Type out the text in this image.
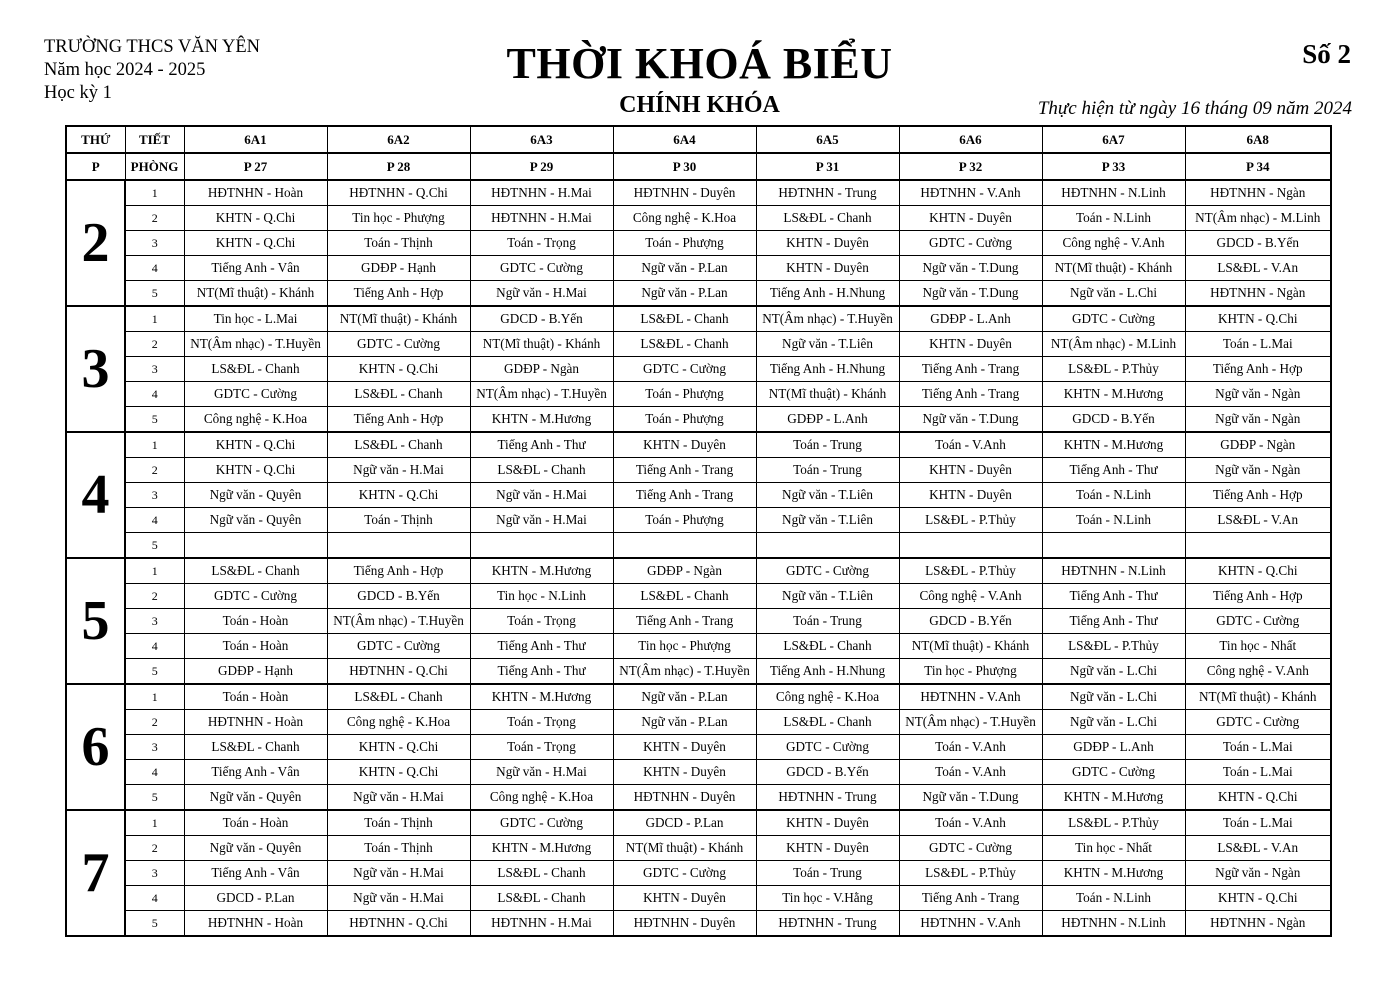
TRƯỜNG THCS VĂN YÊN
Năm học 2024 - 2025
Học kỳ 1
THỜI KHOÁ BIỂU
CHÍNH KHÓA
Số 2
Thực hiện từ ngày 16 tháng 09 năm 2024
THỨ	TIẾT	6A1	6A2	6A3	6A4	6A5	6A6	6A7	6A8
P	PHÒNG	P 27	P 28	P 29	P 30	P 31	P 32	P 33	P 34
2	1	HĐTNHN - Hoàn	HĐTNHN - Q.Chi	HĐTNHN - H.Mai	HĐTNHN - Duyên	HĐTNHN - Trung	HĐTNHN - V.Anh	HĐTNHN - N.Linh	HĐTNHN - Ngàn
	2	KHTN - Q.Chi	Tin học - Phượng	HĐTNHN - H.Mai	Công nghệ - K.Hoa	LS&ĐL - Chanh	KHTN - Duyên	Toán - N.Linh	NT(Âm nhạc) - M.Linh
	3	KHTN - Q.Chi	Toán - Thịnh	Toán - Trọng	Toán - Phượng	KHTN - Duyên	GDTC - Cường	Công nghệ - V.Anh	GDCD - B.Yến
	4	Tiếng Anh - Vân	GDĐP - Hạnh	GDTC - Cường	Ngữ văn - P.Lan	KHTN - Duyên	Ngữ văn - T.Dung	NT(Mĩ thuật) - Khánh	LS&ĐL - V.An
	5	NT(Mĩ thuật) - Khánh	Tiếng Anh - Hợp	Ngữ văn - H.Mai	Ngữ văn - P.Lan	Tiếng Anh - H.Nhung	Ngữ văn - T.Dung	Ngữ văn - L.Chi	HĐTNHN - Ngàn
3	1	Tin học - L.Mai	NT(Mĩ thuật) - Khánh	GDCD - B.Yến	LS&ĐL - Chanh	NT(Âm nhạc) - T.Huyền	GDĐP - L.Anh	GDTC - Cường	KHTN - Q.Chi
	2	NT(Âm nhạc) - T.Huyền	GDTC - Cường	NT(Mĩ thuật) - Khánh	LS&ĐL - Chanh	Ngữ văn - T.Liên	KHTN - Duyên	NT(Âm nhạc) - M.Linh	Toán - L.Mai
	3	LS&ĐL - Chanh	KHTN - Q.Chi	GDĐP - Ngàn	GDTC - Cường	Tiếng Anh - H.Nhung	Tiếng Anh - Trang	LS&ĐL - P.Thủy	Tiếng Anh - Hợp
	4	GDTC - Cường	LS&ĐL - Chanh	NT(Âm nhạc) - T.Huyền	Toán - Phượng	NT(Mĩ thuật) - Khánh	Tiếng Anh - Trang	KHTN - M.Hương	Ngữ văn - Ngàn
	5	Công nghệ - K.Hoa	Tiếng Anh - Hợp	KHTN - M.Hương	Toán - Phượng	GDĐP - L.Anh	Ngữ văn - T.Dung	GDCD - B.Yến	Ngữ văn - Ngàn
4	1	KHTN - Q.Chi	LS&ĐL - Chanh	Tiếng Anh - Thư	KHTN - Duyên	Toán - Trung	Toán - V.Anh	KHTN - M.Hương	GDĐP - Ngàn
	2	KHTN - Q.Chi	Ngữ văn - H.Mai	LS&ĐL - Chanh	Tiếng Anh - Trang	Toán - Trung	KHTN - Duyên	Tiếng Anh - Thư	Ngữ văn - Ngàn
	3	Ngữ văn - Quyên	KHTN - Q.Chi	Ngữ văn - H.Mai	Tiếng Anh - Trang	Ngữ văn - T.Liên	KHTN - Duyên	Toán - N.Linh	Tiếng Anh - Hợp
	4	Ngữ văn - Quyên	Toán - Thịnh	Ngữ văn - H.Mai	Toán - Phượng	Ngữ văn - T.Liên	LS&ĐL - P.Thủy	Toán - N.Linh	LS&ĐL - V.An
	5								
5	1	LS&ĐL - Chanh	Tiếng Anh - Hợp	KHTN - M.Hương	GDĐP - Ngàn	GDTC - Cường	LS&ĐL - P.Thủy	HĐTNHN - N.Linh	KHTN - Q.Chi
	2	GDTC - Cường	GDCD - B.Yến	Tin học - N.Linh	LS&ĐL - Chanh	Ngữ văn - T.Liên	Công nghệ - V.Anh	Tiếng Anh - Thư	Tiếng Anh - Hợp
	3	Toán - Hoàn	NT(Âm nhạc) - T.Huyền	Toán - Trọng	Tiếng Anh - Trang	Toán - Trung	GDCD - B.Yến	Tiếng Anh - Thư	GDTC - Cường
	4	Toán - Hoàn	GDTC - Cường	Tiếng Anh - Thư	Tin học - Phượng	LS&ĐL - Chanh	NT(Mĩ thuật) - Khánh	LS&ĐL - P.Thủy	Tin học - Nhất
	5	GDĐP - Hạnh	HĐTNHN - Q.Chi	Tiếng Anh - Thư	NT(Âm nhạc) - T.Huyền	Tiếng Anh - H.Nhung	Tin học - Phượng	Ngữ văn - L.Chi	Công nghệ - V.Anh
6	1	Toán - Hoàn	LS&ĐL - Chanh	KHTN - M.Hương	Ngữ văn - P.Lan	Công nghệ - K.Hoa	HĐTNHN - V.Anh	Ngữ văn - L.Chi	NT(Mĩ thuật) - Khánh
	2	HĐTNHN - Hoàn	Công nghệ - K.Hoa	Toán - Trọng	Ngữ văn - P.Lan	LS&ĐL - Chanh	NT(Âm nhạc) - T.Huyền	Ngữ văn - L.Chi	GDTC - Cường
	3	LS&ĐL - Chanh	KHTN - Q.Chi	Toán - Trọng	KHTN - Duyên	GDTC - Cường	Toán - V.Anh	GDĐP - L.Anh	Toán - L.Mai
	4	Tiếng Anh - Vân	KHTN - Q.Chi	Ngữ văn - H.Mai	KHTN - Duyên	GDCD - B.Yến	Toán - V.Anh	GDTC - Cường	Toán - L.Mai
	5	Ngữ văn - Quyên	Ngữ văn - H.Mai	Công nghệ - K.Hoa	HĐTNHN - Duyên	HĐTNHN - Trung	Ngữ văn - T.Dung	KHTN - M.Hương	KHTN - Q.Chi
7	1	Toán - Hoàn	Toán - Thịnh	GDTC - Cường	GDCD - P.Lan	KHTN - Duyên	Toán - V.Anh	LS&ĐL - P.Thủy	Toán - L.Mai
	2	Ngữ văn - Quyên	Toán - Thịnh	KHTN - M.Hương	NT(Mĩ thuật) - Khánh	KHTN - Duyên	GDTC - Cường	Tin học - Nhất	LS&ĐL - V.An
	3	Tiếng Anh - Vân	Ngữ văn - H.Mai	LS&ĐL - Chanh	GDTC - Cường	Toán - Trung	LS&ĐL - P.Thủy	KHTN - M.Hương	Ngữ văn - Ngàn
	4	GDCD - P.Lan	Ngữ văn - H.Mai	LS&ĐL - Chanh	KHTN - Duyên	Tin học - V.Hằng	Tiếng Anh - Trang	Toán - N.Linh	KHTN - Q.Chi
	5	HĐTNHN - Hoàn	HĐTNHN - Q.Chi	HĐTNHN - H.Mai	HĐTNHN - Duyên	HĐTNHN - Trung	HĐTNHN - V.Anh	HĐTNHN - N.Linh	HĐTNHN - Ngàn
